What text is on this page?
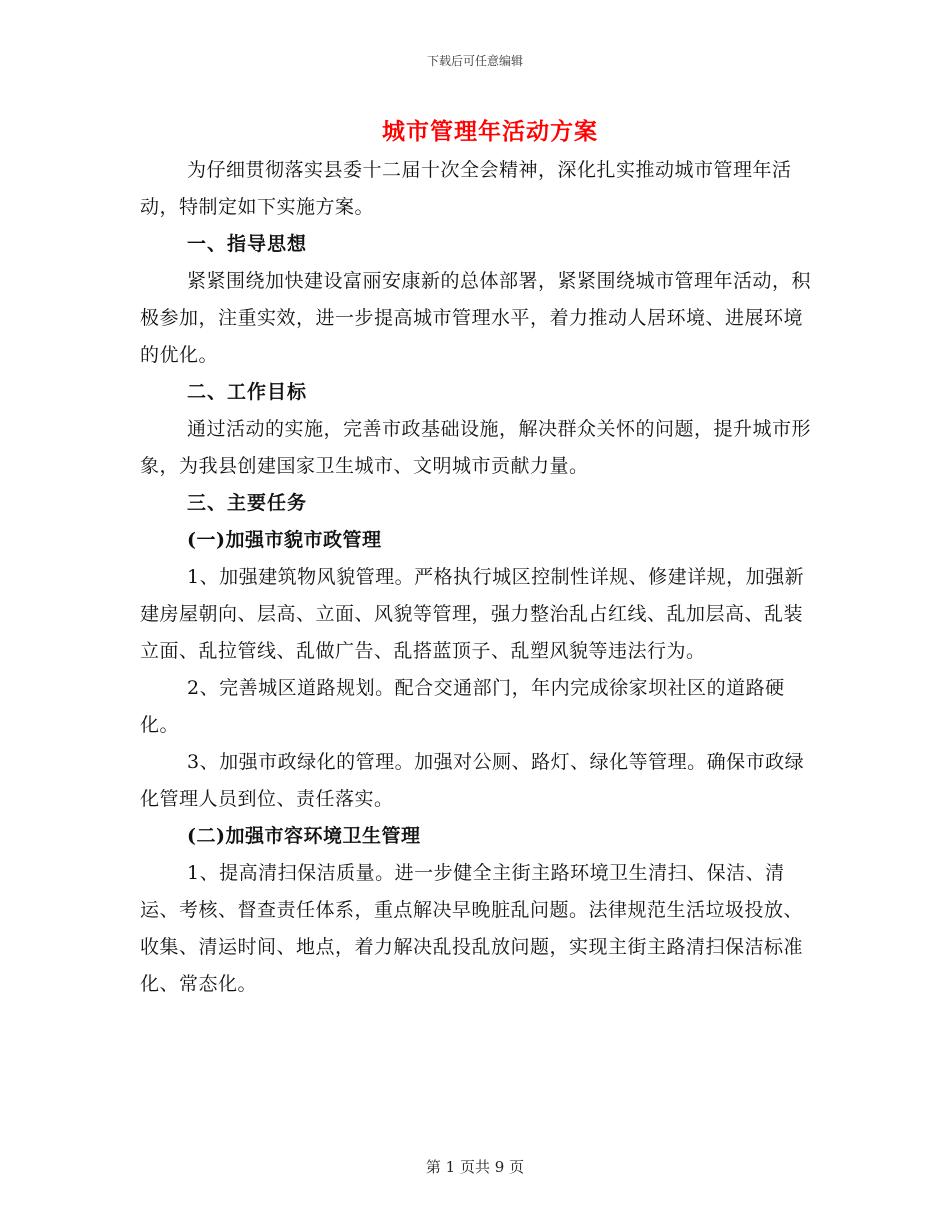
下载后可任意编辑
城市管理年活动方案

为仔细贯彻落实县委十二届十次全会精神，深化扎实推动城市管理年活动，特制定如下实施方案。

一、指导思想

紧紧围绕加快建设富丽安康新的总体部署，紧紧围绕城市管理年活动，积极参加，注重实效，进一步提高城市管理水平，着力推动人居环境、进展环境的优化。

二、工作目标

通过活动的实施，完善市政基础设施，解决群众关怀的问题，提升城市形象，为我县创建国家卫生城市、文明城市贡献力量。

三、主要任务

(一)加强市貌市政管理

1、加强建筑物风貌管理。严格执行城区控制性详规、修建详规，加强新建房屋朝向、层高、立面、风貌等管理，强力整治乱占红线、乱加层高、乱装立面、乱拉管线、乱做广告、乱搭蓝顶子、乱塑风貌等违法行为。

2、完善城区道路规划。配合交通部门，年内完成徐家坝社区的道路硬化。

3、加强市政绿化的管理。加强对公厕、路灯、绿化等管理。确保市政绿化管理人员到位、责任落实。

(二)加强市容环境卫生管理

1、提高清扫保洁质量。进一步健全主街主路环境卫生清扫、保洁、清运、考核、督查责任体系，重点解决早晚脏乱问题。法律规范生活垃圾投放、收集、清运时间、地点，着力解决乱投乱放问题，实现主街主路清扫保洁标准化、常态化。

第 1 页共 9 页
